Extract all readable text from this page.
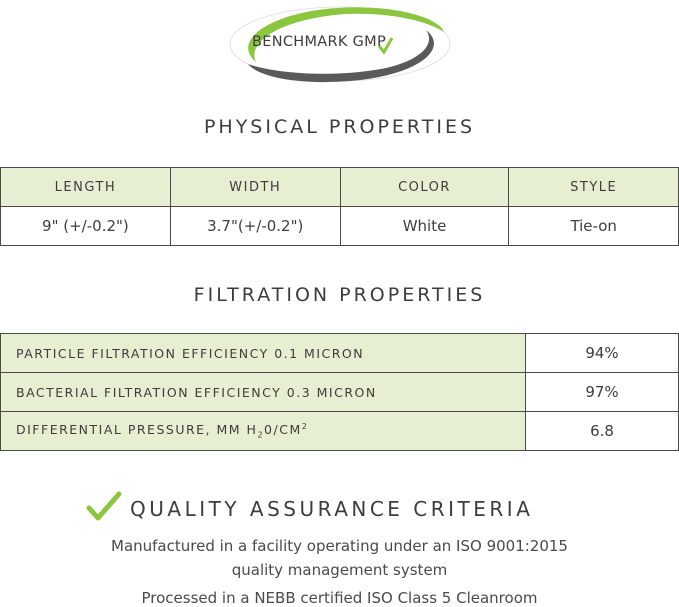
BENCHMARK GMP
PHYSICAL PROPERTIES
LENGTH	WIDTH	COLOR	STYLE
9" (+/-0.2")	3.7"(+/-0.2")	White	Tie-on
FILTRATION PROPERTIES
PARTICLE FILTRATION EFFICIENCY 0.1 MICRON	94%
BACTERIAL FILTRATION EFFICIENCY 0.3 MICRON	97%
DIFFERENTIAL PRESSURE, MM $H_20/CM^2$	6.8
QUALITY ASSURANCE CRITERIA
Manufactured in a facility operating under an ISO 9001:2015
quality management system
Processed in a NEBB certified ISO Class 5 Cleanroom
